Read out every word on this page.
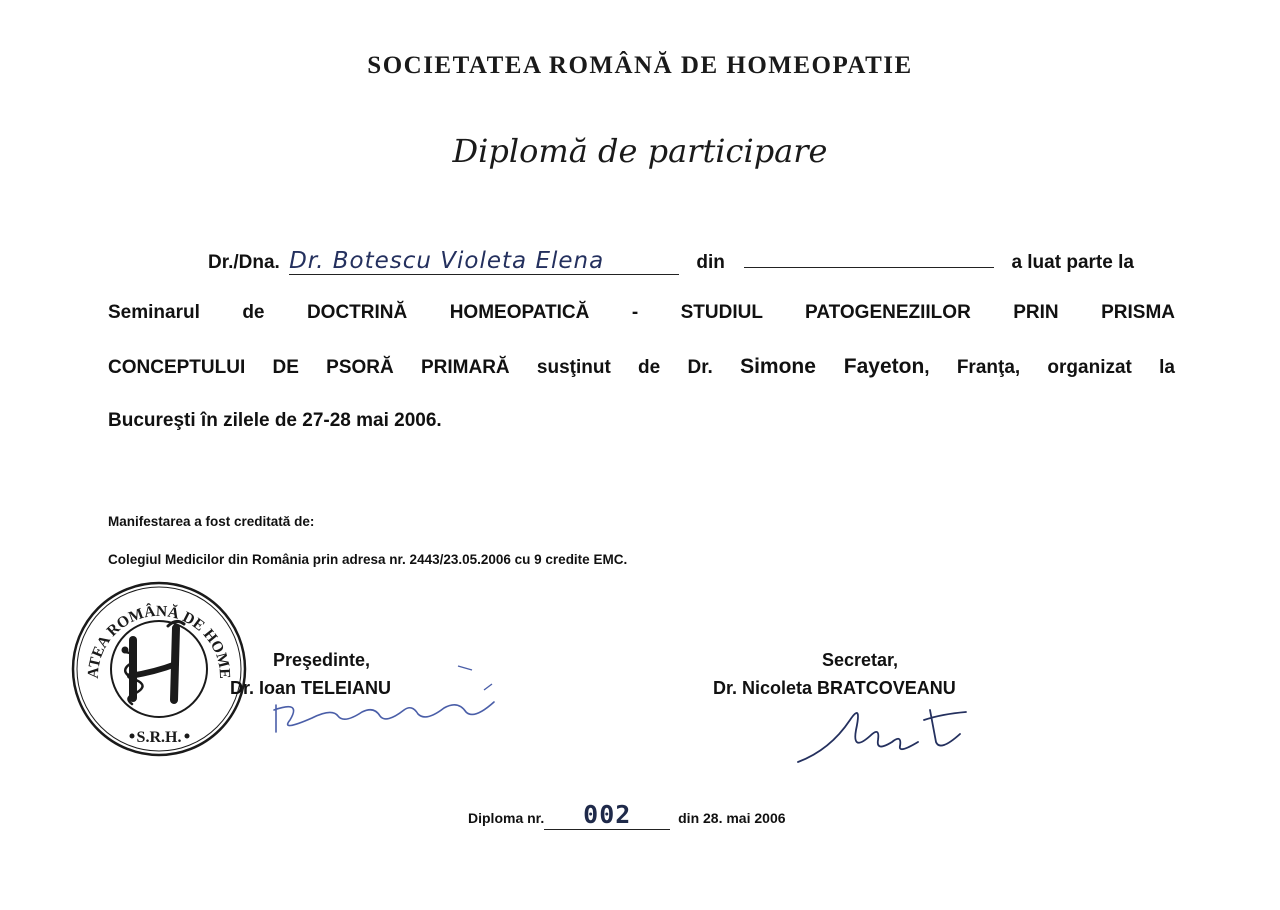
SOCIETATEA ROMÂNĂ DE HOMEOPATIE
Diplomă de participare
Dr./Dna. Dr. Botescu Violeta Elena	din	a luat parte la
Seminarul de DOCTRINĂ HOMEOPATICĂ - STUDIUL PATOGENEZIILOR PRIN PRISMA
CONCEPTULUI DE PSORĂ PRIMARĂ susţinut de Dr. Simone Fayeton, Franţa, organizat la
Bucureşti în zilele de 27-28 mai 2006.
Manifestarea a fost creditată de:
Colegiul Medicilor din România prin adresa nr. 2443/23.05.2006 cu 9 credite EMC.
ATEA ROMÂNĂ DE HOME
S.R.H.
Preşedinte,
Dr. Ioan TELEIANU
Secretar,
Dr. Nicoleta BRATCOVEANU
Diploma nr. 002	din 28. mai 2006
